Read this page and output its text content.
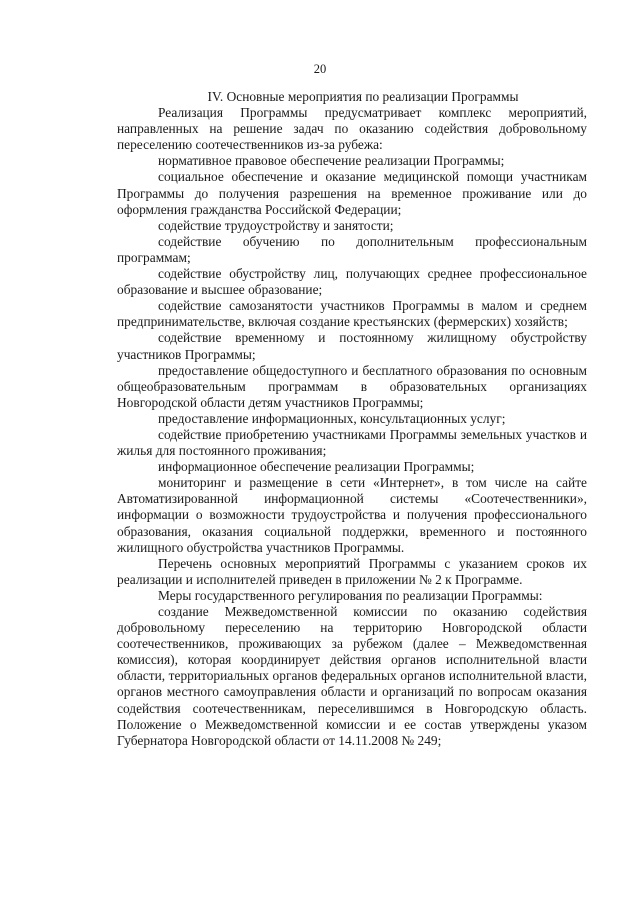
20

IV. Основные мероприятия по реализации Программы

Реализация Программы предусматривает комплекс мероприятий, направленных на решение задач по оказанию содействия добровольному переселению соотечественников из-за рубежа:

нормативное правовое обеспечение реализации Программы;

социальное обеспечение и оказание медицинской помощи участникам Программы до получения разрешения на временное проживание или до оформления гражданства Российской Федерации;

содействие трудоустройству и занятости;

содействие обучению по дополнительным профессиональным программам;

содействие обустройству лиц, получающих среднее профессиональное образование и высшее образование;

содействие самозанятости участников Программы в малом и среднем предпринимательстве, включая создание крестьянских (фермерских) хозяйств;

содействие временному и постоянному жилищному обустройству участников Программы;

предоставление общедоступного и бесплатного образования по основным общеобразовательным программам в образовательных организациях Новгородской области детям участников Программы;

предоставление информационных, консультационных услуг;

содействие приобретению участниками Программы земельных участков и жилья для постоянного проживания;

информационное обеспечение реализации Программы;

мониторинг и размещение в сети «Интернет», в том числе на сайте Автоматизированной информационной системы «Соотечественники», информации о возможности трудоустройства и получения профессионального образования, оказания социальной поддержки, временного и постоянного жилищного обустройства участников Программы.

Перечень основных мероприятий Программы с указанием сроков их реализации и исполнителей приведен в приложении № 2 к Программе.

Меры государственного регулирования по реализации Программы:

создание Межведомственной комиссии по оказанию содействия добровольному переселению на территорию Новгородской области соотечественников, проживающих за рубежом (далее – Межведомственная комиссия), которая координирует действия органов исполнительной власти области, территориальных органов федеральных органов исполнительной власти, органов местного самоуправления области и организаций по вопросам оказания содействия соотечественникам, переселившимся в Новгородскую область. Положение о Межведомственной комиссии и ее состав утверждены указом Губернатора Новгородской области от 14.11.2008 № 249;
